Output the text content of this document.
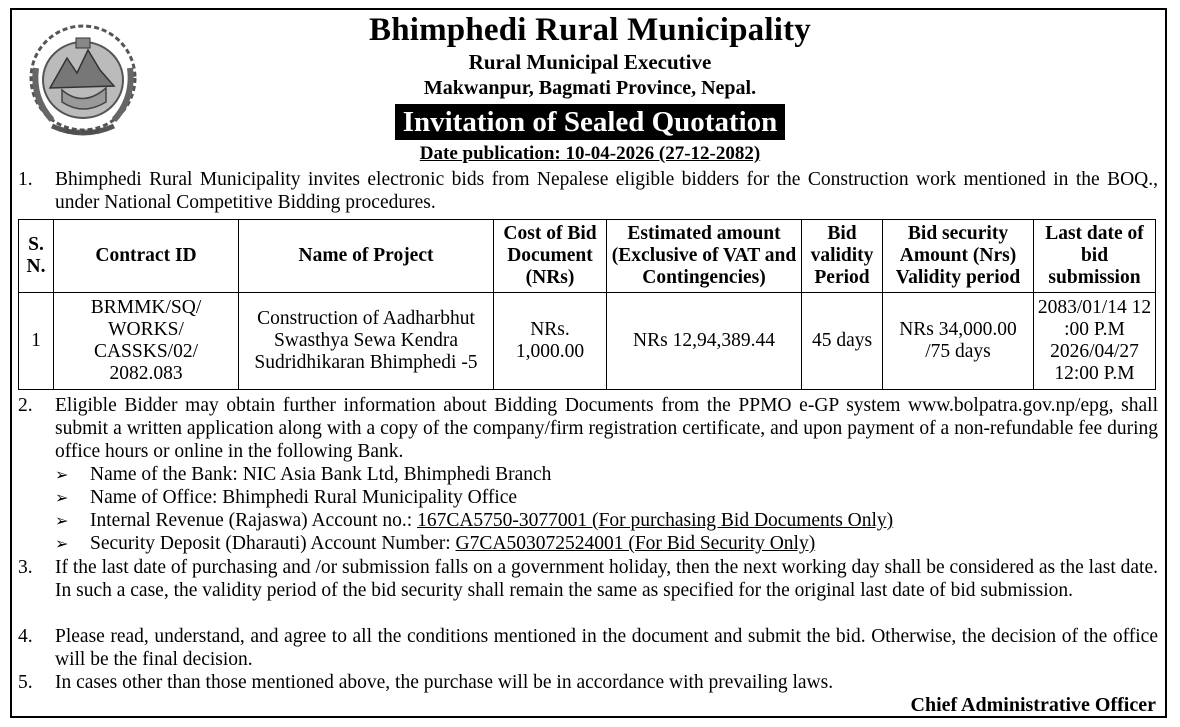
नेपाल सरकार
Bhimphedi Rural Municipality
Rural Municipal Executive
Makwanpur, Bagmati Province, Nepal.
Invitation of Sealed Quotation
Date publication: 10-04-2026 (27-12-2082)
1.	Bhimphedi Rural Municipality invites electronic bids from Nepalese eligible bidders for the Construction work mentioned in the BOQ., under National Competitive Bidding procedures.
S. N.	Contract ID	Name of Project	Cost of Bid Document (NRs)	Estimated amount (Exclusive of VAT and Contingencies)	Bid validity Period	Bid security Amount (Nrs) Validity period	Last date of bid submission
1	BRMMK/SQ/ WORKS/ CASSKS/02/ 2082.083	Construction of Aadharbhut Swasthya Sewa Kendra Sudridhikaran Bhimphedi -5	NRs. 1,000.00	NRs 12,94,389.44	45 days	NRs 34,000.00 /75 days	2083/01/14 12 :00 P.M 2026/04/27 12:00 P.M
2.	Eligible Bidder may obtain further information about Bidding Documents from the PPMO e-GP system www.bolpatra.gov.np/epg, shall submit a written application along with a copy of the company/firm registration certificate, and upon payment of a non-refundable fee during office hours or online in the following Bank.
➢ Name of the Bank: NIC Asia Bank Ltd, Bhimphedi Branch
➢ Name of Office: Bhimphedi Rural Municipality Office
➢ Internal Revenue (Rajaswa) Account no.: 167CA5750-3077001 (For purchasing Bid Documents Only)
➢ Security Deposit (Dharauti) Account Number: G7CA503072524001 (For Bid Security Only)
3.	If the last date of purchasing and /or submission falls on a government holiday, then the next working day shall be considered as the last date. In such a case, the validity period of the bid security shall remain the same as specified for the original last date of bid submission.
4.	Please read, understand, and agree to all the conditions mentioned in the document and submit the bid. Otherwise, the decision of the office will be the final decision.
5.	In cases other than those mentioned above, the purchase will be in accordance with prevailing laws.
Chief Administrative Officer
